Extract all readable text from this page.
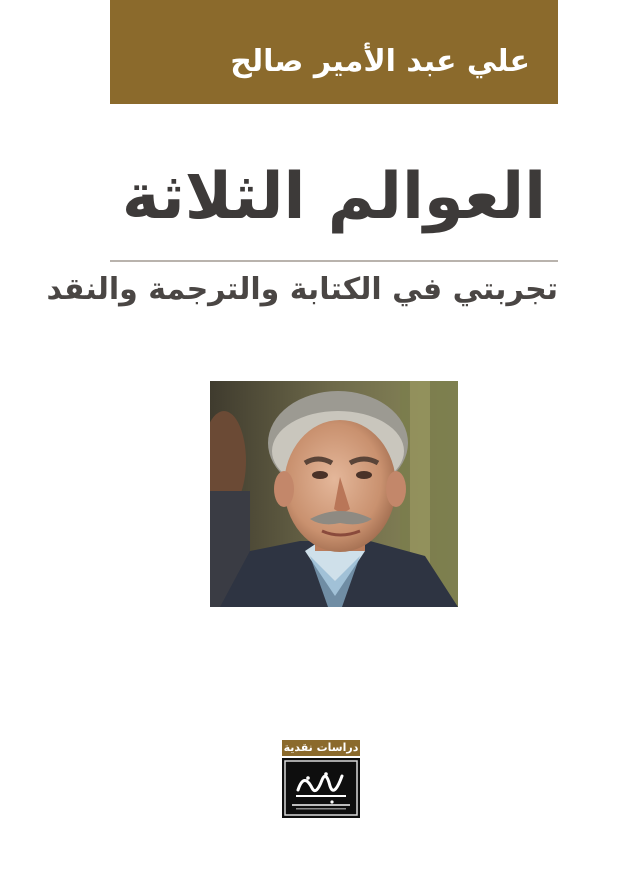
علي عبد الأمير صالح
العوالم الثلاثة
تجربتي في الكتابة والترجمة والنقد
دراسات نقدية
